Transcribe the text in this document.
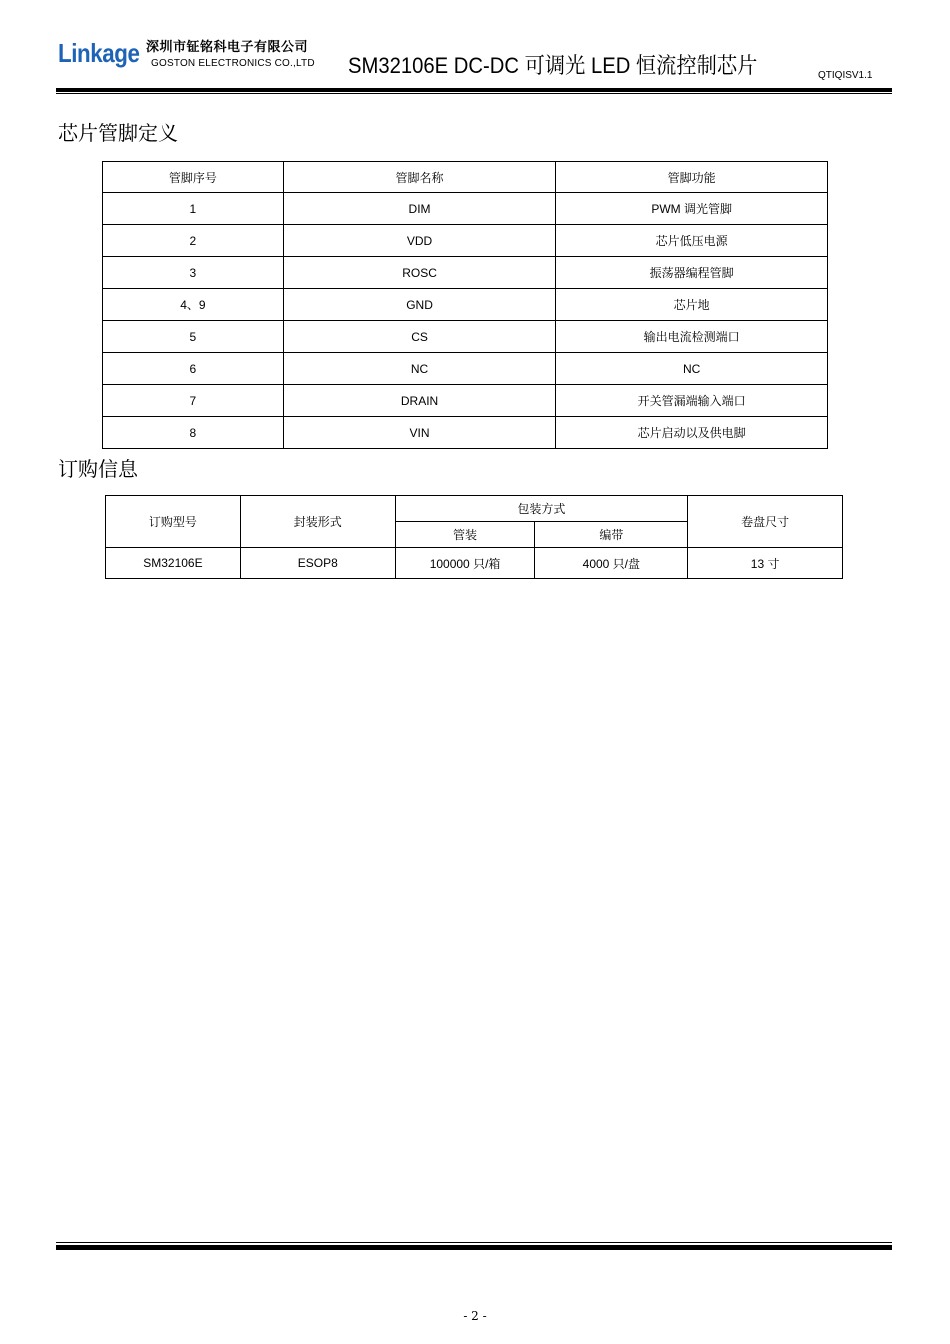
Linkage 深圳市钲铭科电子有限公司
GOSTON ELECTRONICS CO.,LTD SM32106E DC-DC 可调光 LED 恒流控制芯片	QTIQISV1.1
芯片管脚定义
管脚序号	管脚名称	管脚功能
1	DIM	PWM 调光管脚
2	VDD	芯片低压电源
3	ROSC	振荡器编程管脚
4、9	GND	芯片地
5	CS	输出电流检测端口
6	NC	NC
7	DRAIN	开关管漏端输入端口
8	VIN	芯片启动以及供电脚
订购信息
订购型号	封装形式	包装方式		卷盘尺寸
		管装	编带	
SM32106E	ESOP8	100000 只/箱	4000 只/盘	13 寸
- 2 -
